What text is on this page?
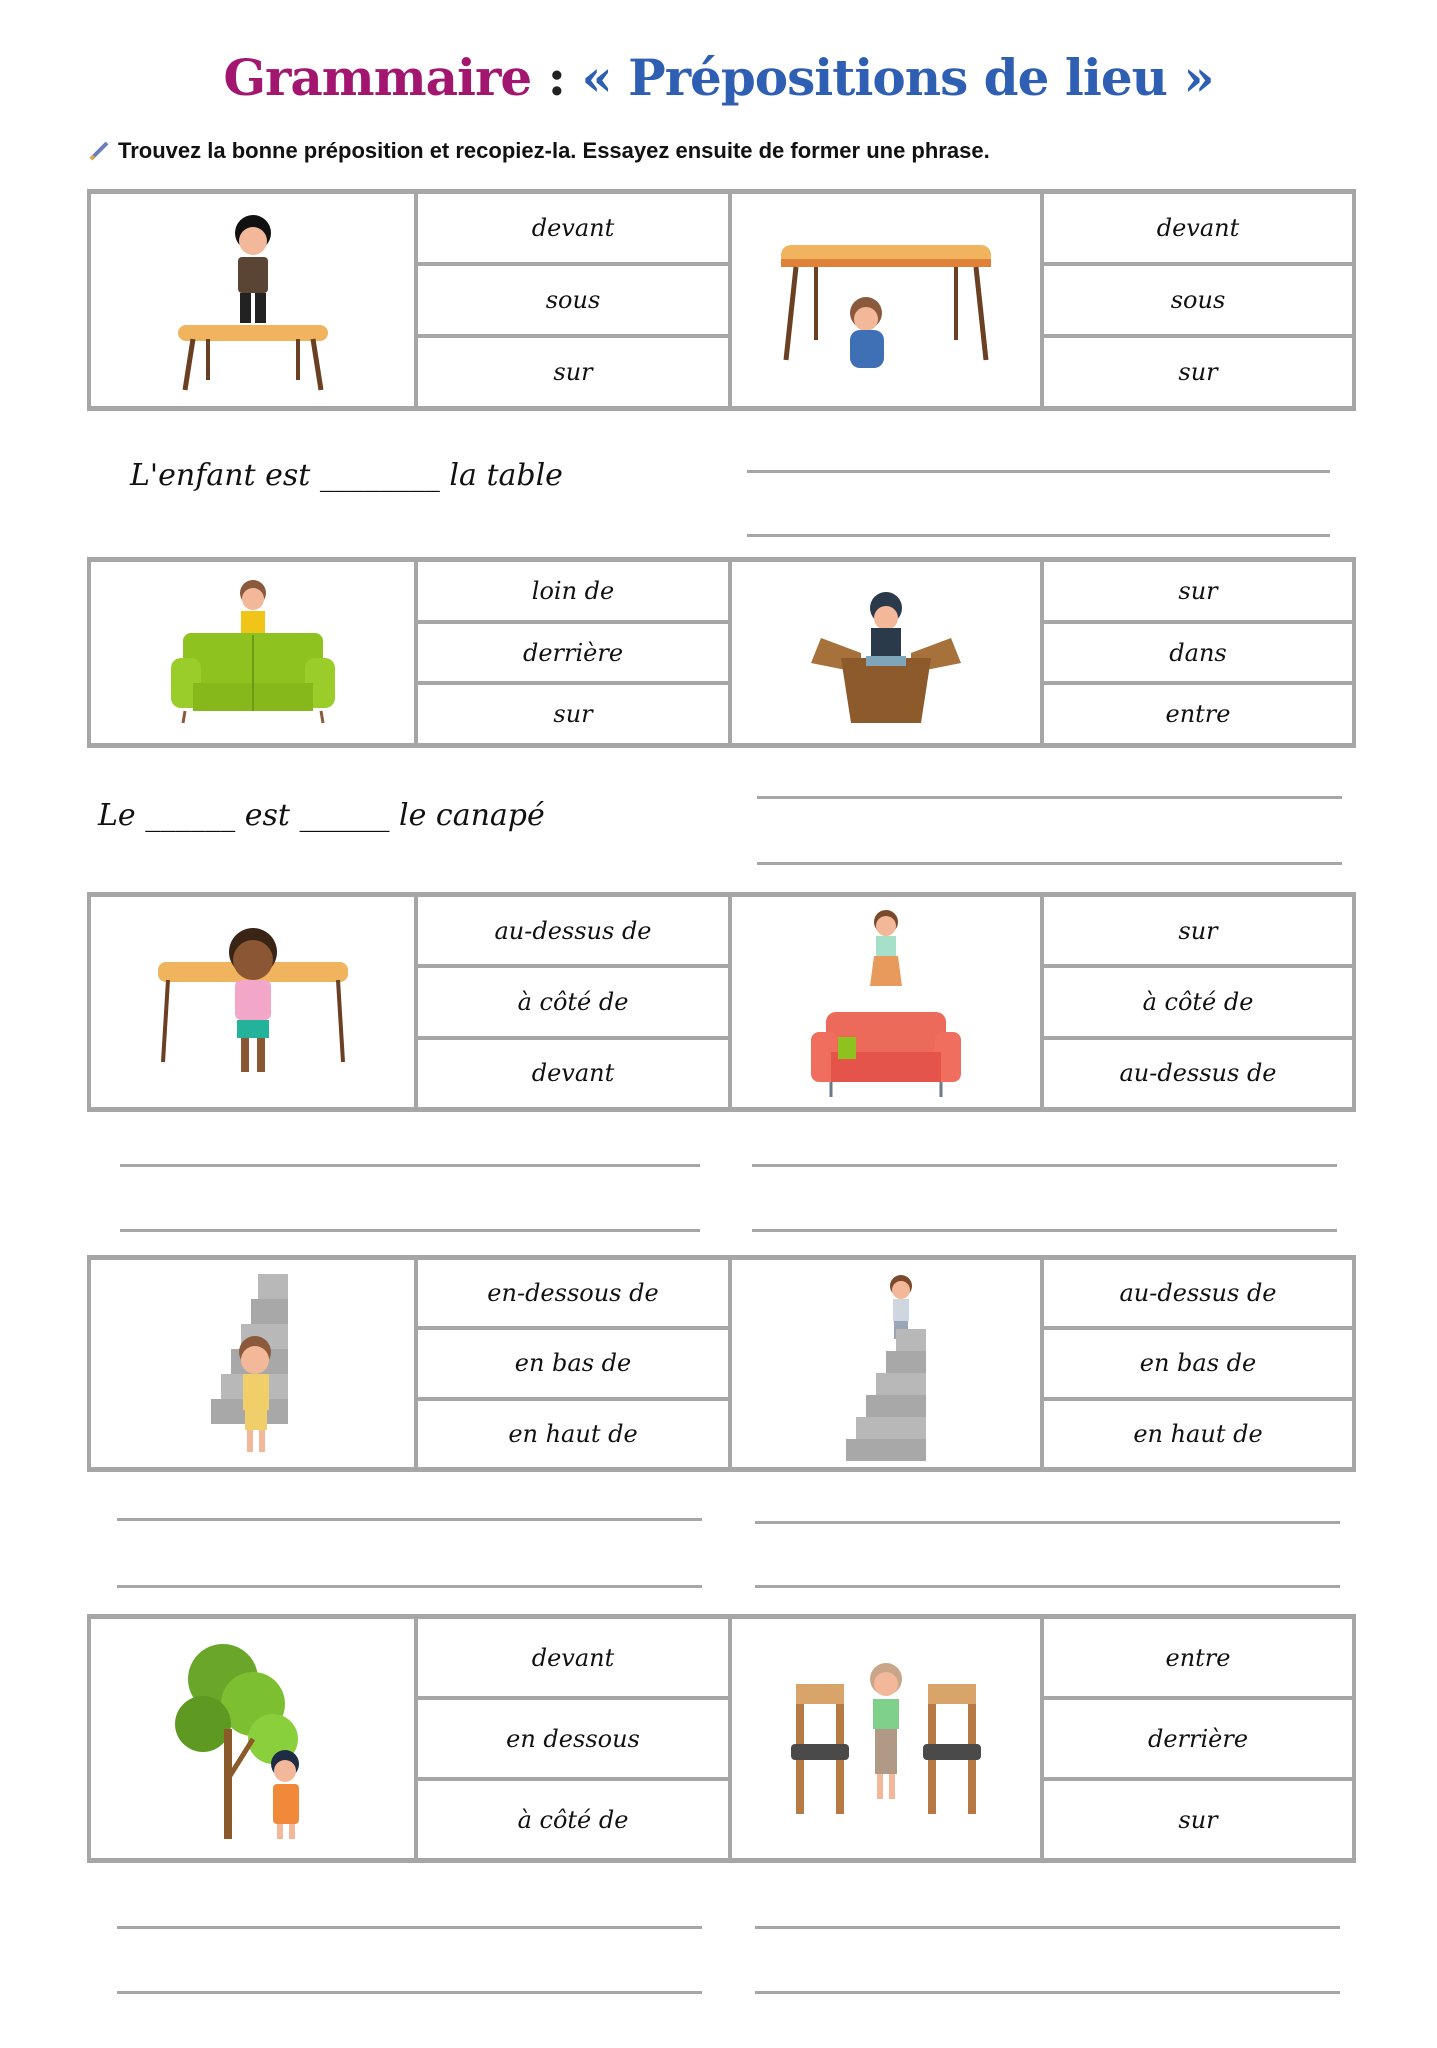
Grammaire : « Prépositions de lieu »
Trouvez la bonne préposition et recopiez-la. Essayez ensuite de former une phrase.
devant
sous
sur
devant
sous
sur
L'enfant est ________ la table
loin de
derrière
sur
sur
dans
entre
Le ______ est ______ le canapé
au-dessus de
à côté de
devant
sur
à côté de
au-dessus de
en-dessous de
en bas de
en haut de
au-dessus de
en bas de
en haut de
devant
en dessous
à côté de
entre
derrière
sur
